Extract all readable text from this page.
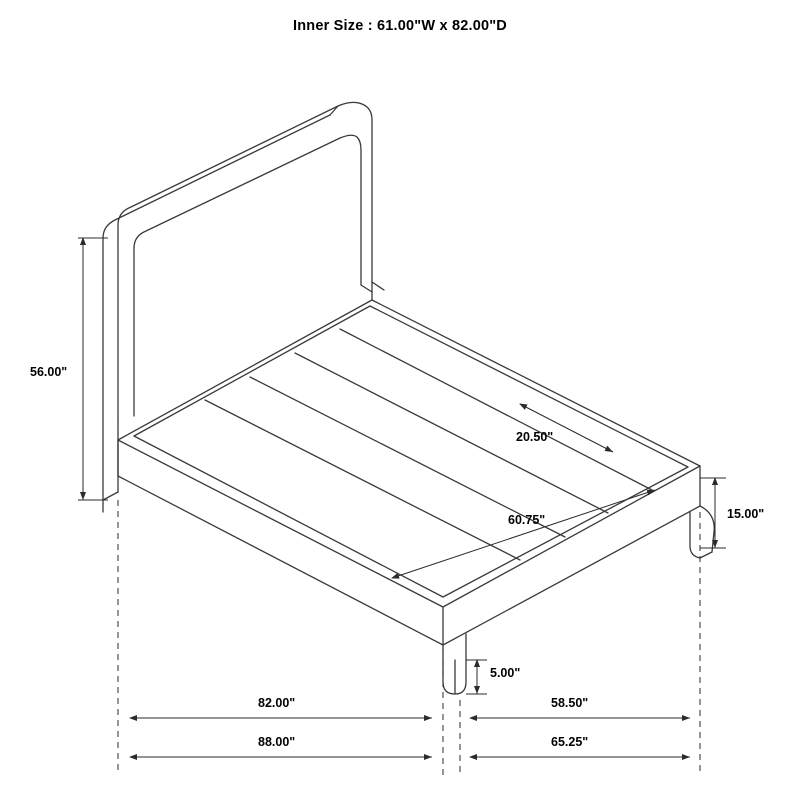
Inner Size : 61.00"W x 82.00"D
56.00"
20.50"
60.75"	15.00"
5.00"
82.00"	58.50"
88.00"	65.25"
